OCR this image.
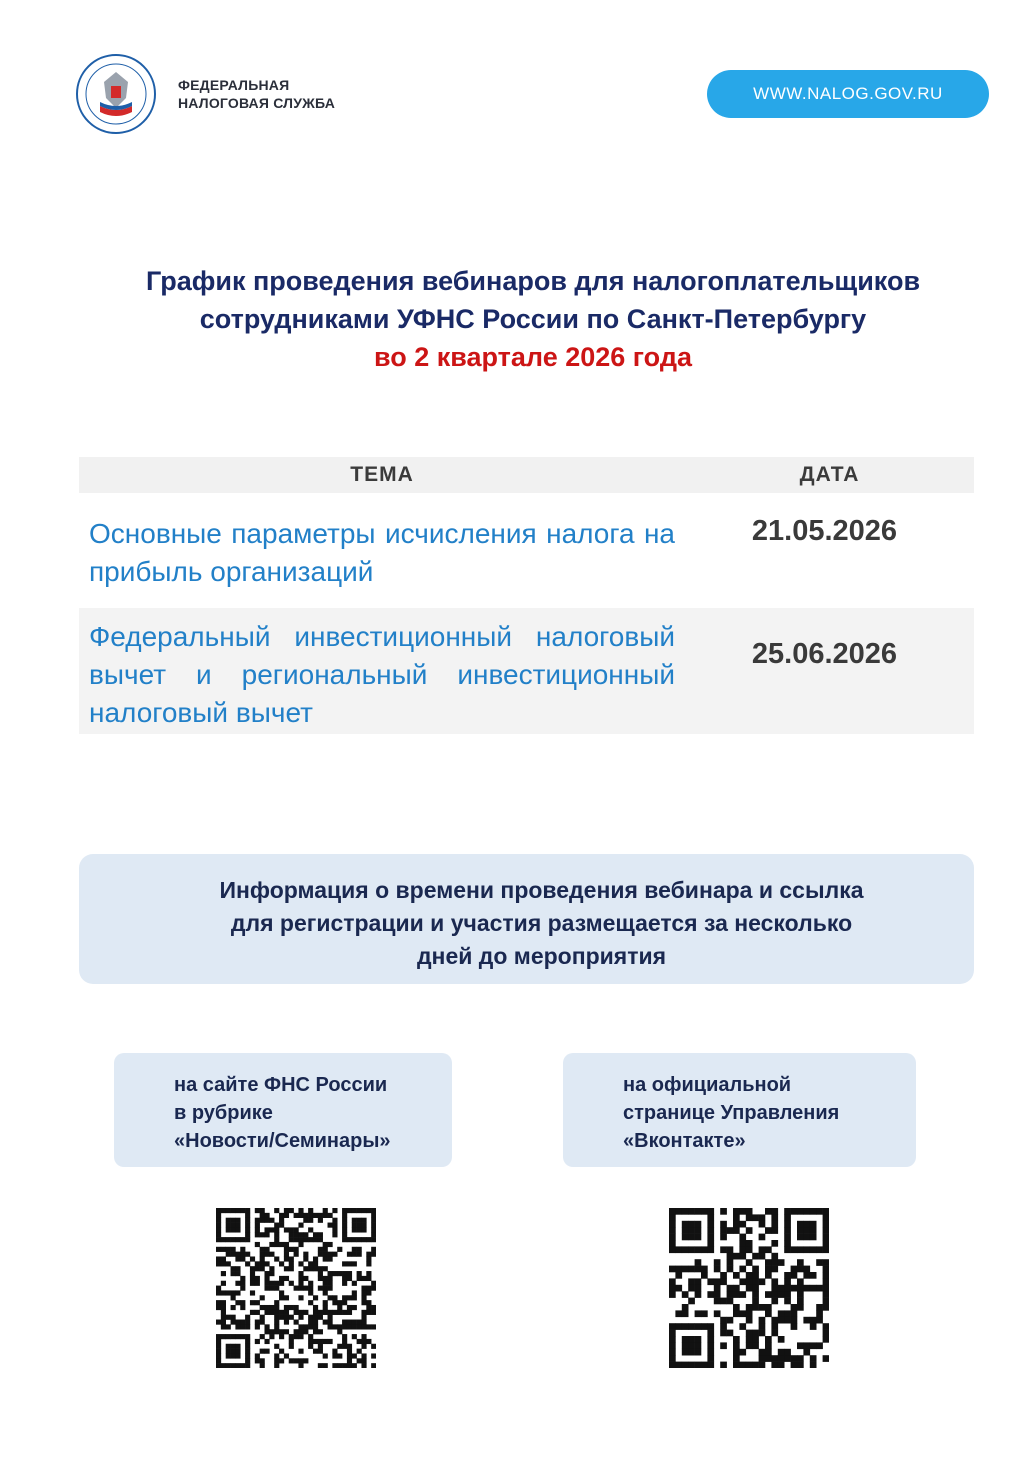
ФЕДЕРАЛЬНАЯ
НАЛОГОВАЯ СЛУЖБА	WWW.NALOG.GOV.RU
График проведения вебинаров для налогоплательщиков
сотрудниками УФНС России по Санкт-Петербургу
во 2 квартале 2026 года
ТЕМА	ДАТА
Основные параметры исчисления налога на прибыль организаций
21.05.2026
Федеральный инвестиционный налоговый вычет и региональный инвестиционный налоговый вычет
25.06.2026
Информация о времени проведения вебинара и ссылка
для регистрации и участия размещается за несколько
дней до мероприятия
на сайте ФНС России
в рубрике
«Новости/Семинары»
на официальной
странице Управления
«Вконтакте»
